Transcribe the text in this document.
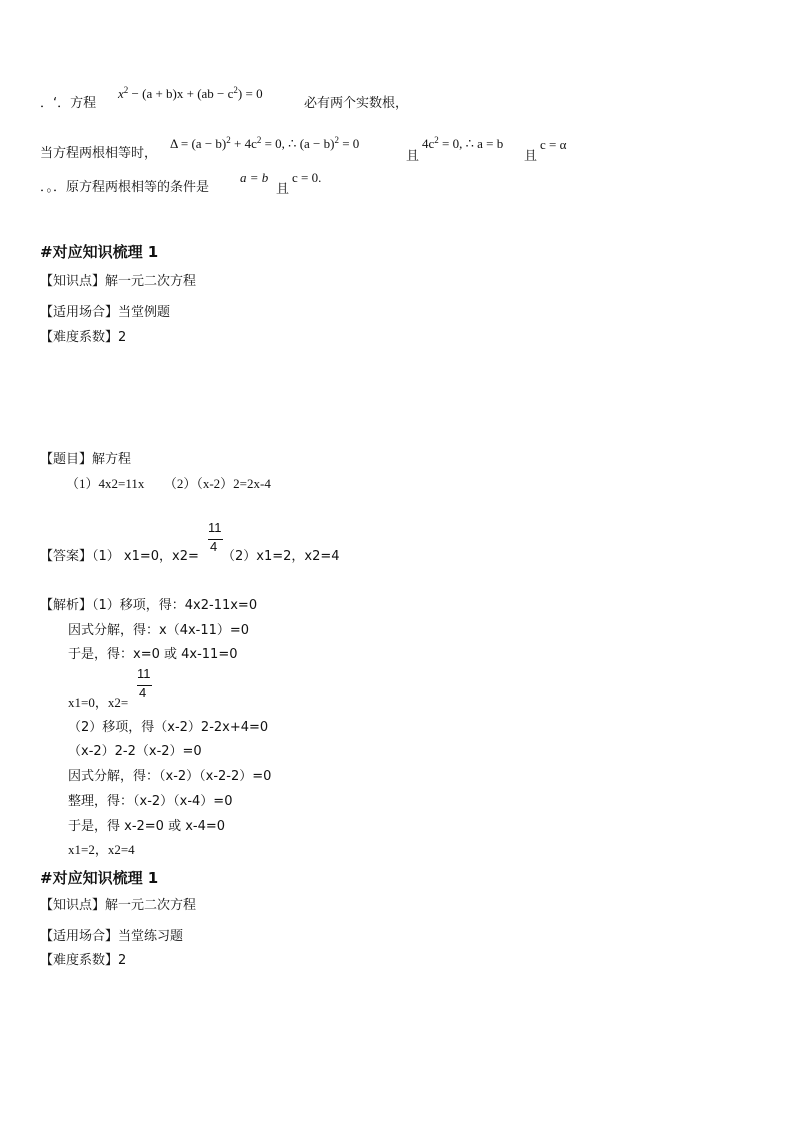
．‘．方程
$x^2 - (a + b)x + (ab - c^2) = 0$
必有两个实数根，
当方程两根相等时，
$\Delta = (a - b)^2 + 4c^2 = 0$, ∴ $(a - b)^2 = 0$
且
$4c^2 = 0$, ∴ a = b
且
c = α
．。．原方程两根相等的条件是
a = b
且
c = 0.
#对应知识梳理 1
【知识点】解一元二次方程
【适用场合】当堂例题
【难度系数】2
【题目】解方程
（1）4x2=11x　　（2）（x-2）2=2x-4
【答案】（1） x1=0，x2=
11
4
（2）x1=2，x2=4
【解析】（1）移项，得：4x2-11x=0
因式分解，得：x（4x-11）=0
于是，得：x=0 或 4x-11=0
11
4
x1=0，x2=
（2）移项，得（x-2）2-2x+4=0
（x-2）2-2（x-2）=0
因式分解，得：（x-2）（x-2-2）=0
整理，得：（x-2）（x-4）=0
于是，得 x-2=0 或 x-4=0
x1=2，x2=4
#对应知识梳理 1
【知识点】解一元二次方程
【适用场合】当堂练习题
【难度系数】2
